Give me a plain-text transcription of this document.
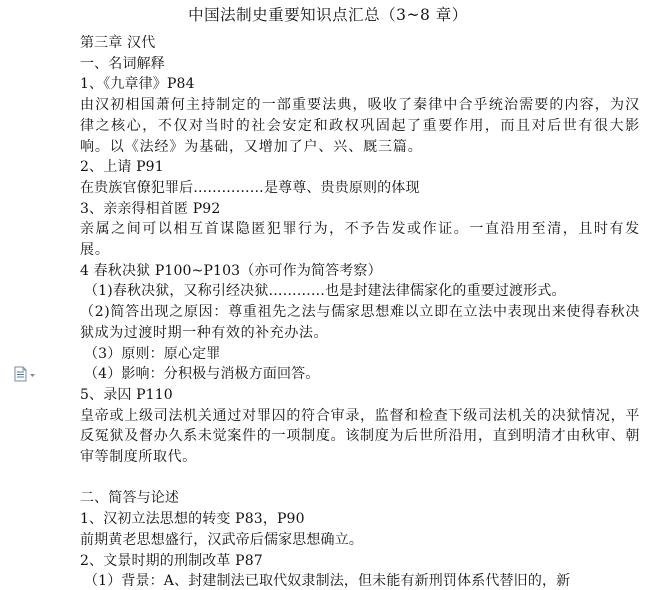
中国法制史重要知识点汇总（3~8 章）
第三章 汉代
一、名词解释
1、《九章律》P84
由汉初相国萧何主持制定的一部重要法典，吸收了秦律中合乎统治需要的内容，为汉律之核心，不仅对当时的社会安定和政权巩固起了重要作用，而且对后世有很大影响。以《法经》为基础，又增加了户、兴、厩三篇。
2、上请 P91
在贵族官僚犯罪后……………是尊尊、贵贵原则的体现
3、亲亲得相首匿 P92
亲属之间可以相互首谋隐匿犯罪行为，不予告发或作证。一直沿用至清，且时有发展。
4 春秋决狱 P100~P103（亦可作为简答考察）
（1)春秋决狱，又称引经决狱…………也是封建法律儒家化的重要过渡形式。
（2)简答出现之原因：尊重祖先之法与儒家思想难以立即在立法中表现出来使得春秋决狱成为过渡时期一种有效的补充办法。
（3）原则：原心定罪
（4）影响：分积极与消极方面回答。
5、录囚 P110
皇帝或上级司法机关通过对罪囚的符合审录，监督和检查下级司法机关的决狱情况，平反冤狱及督办久系未觉案件的一项制度。该制度为后世所沿用，直到明清才由秋审、朝审等制度所取代。
二、简答与论述
1、汉初立法思想的转变 P83，P90
前期黄老思想盛行，汉武帝后儒家思想确立。
2、文景时期的刑制改革 P87
（1）背景：A、封建制法已取代奴隶制法，但未能有新刑罚体系代替旧的，新
